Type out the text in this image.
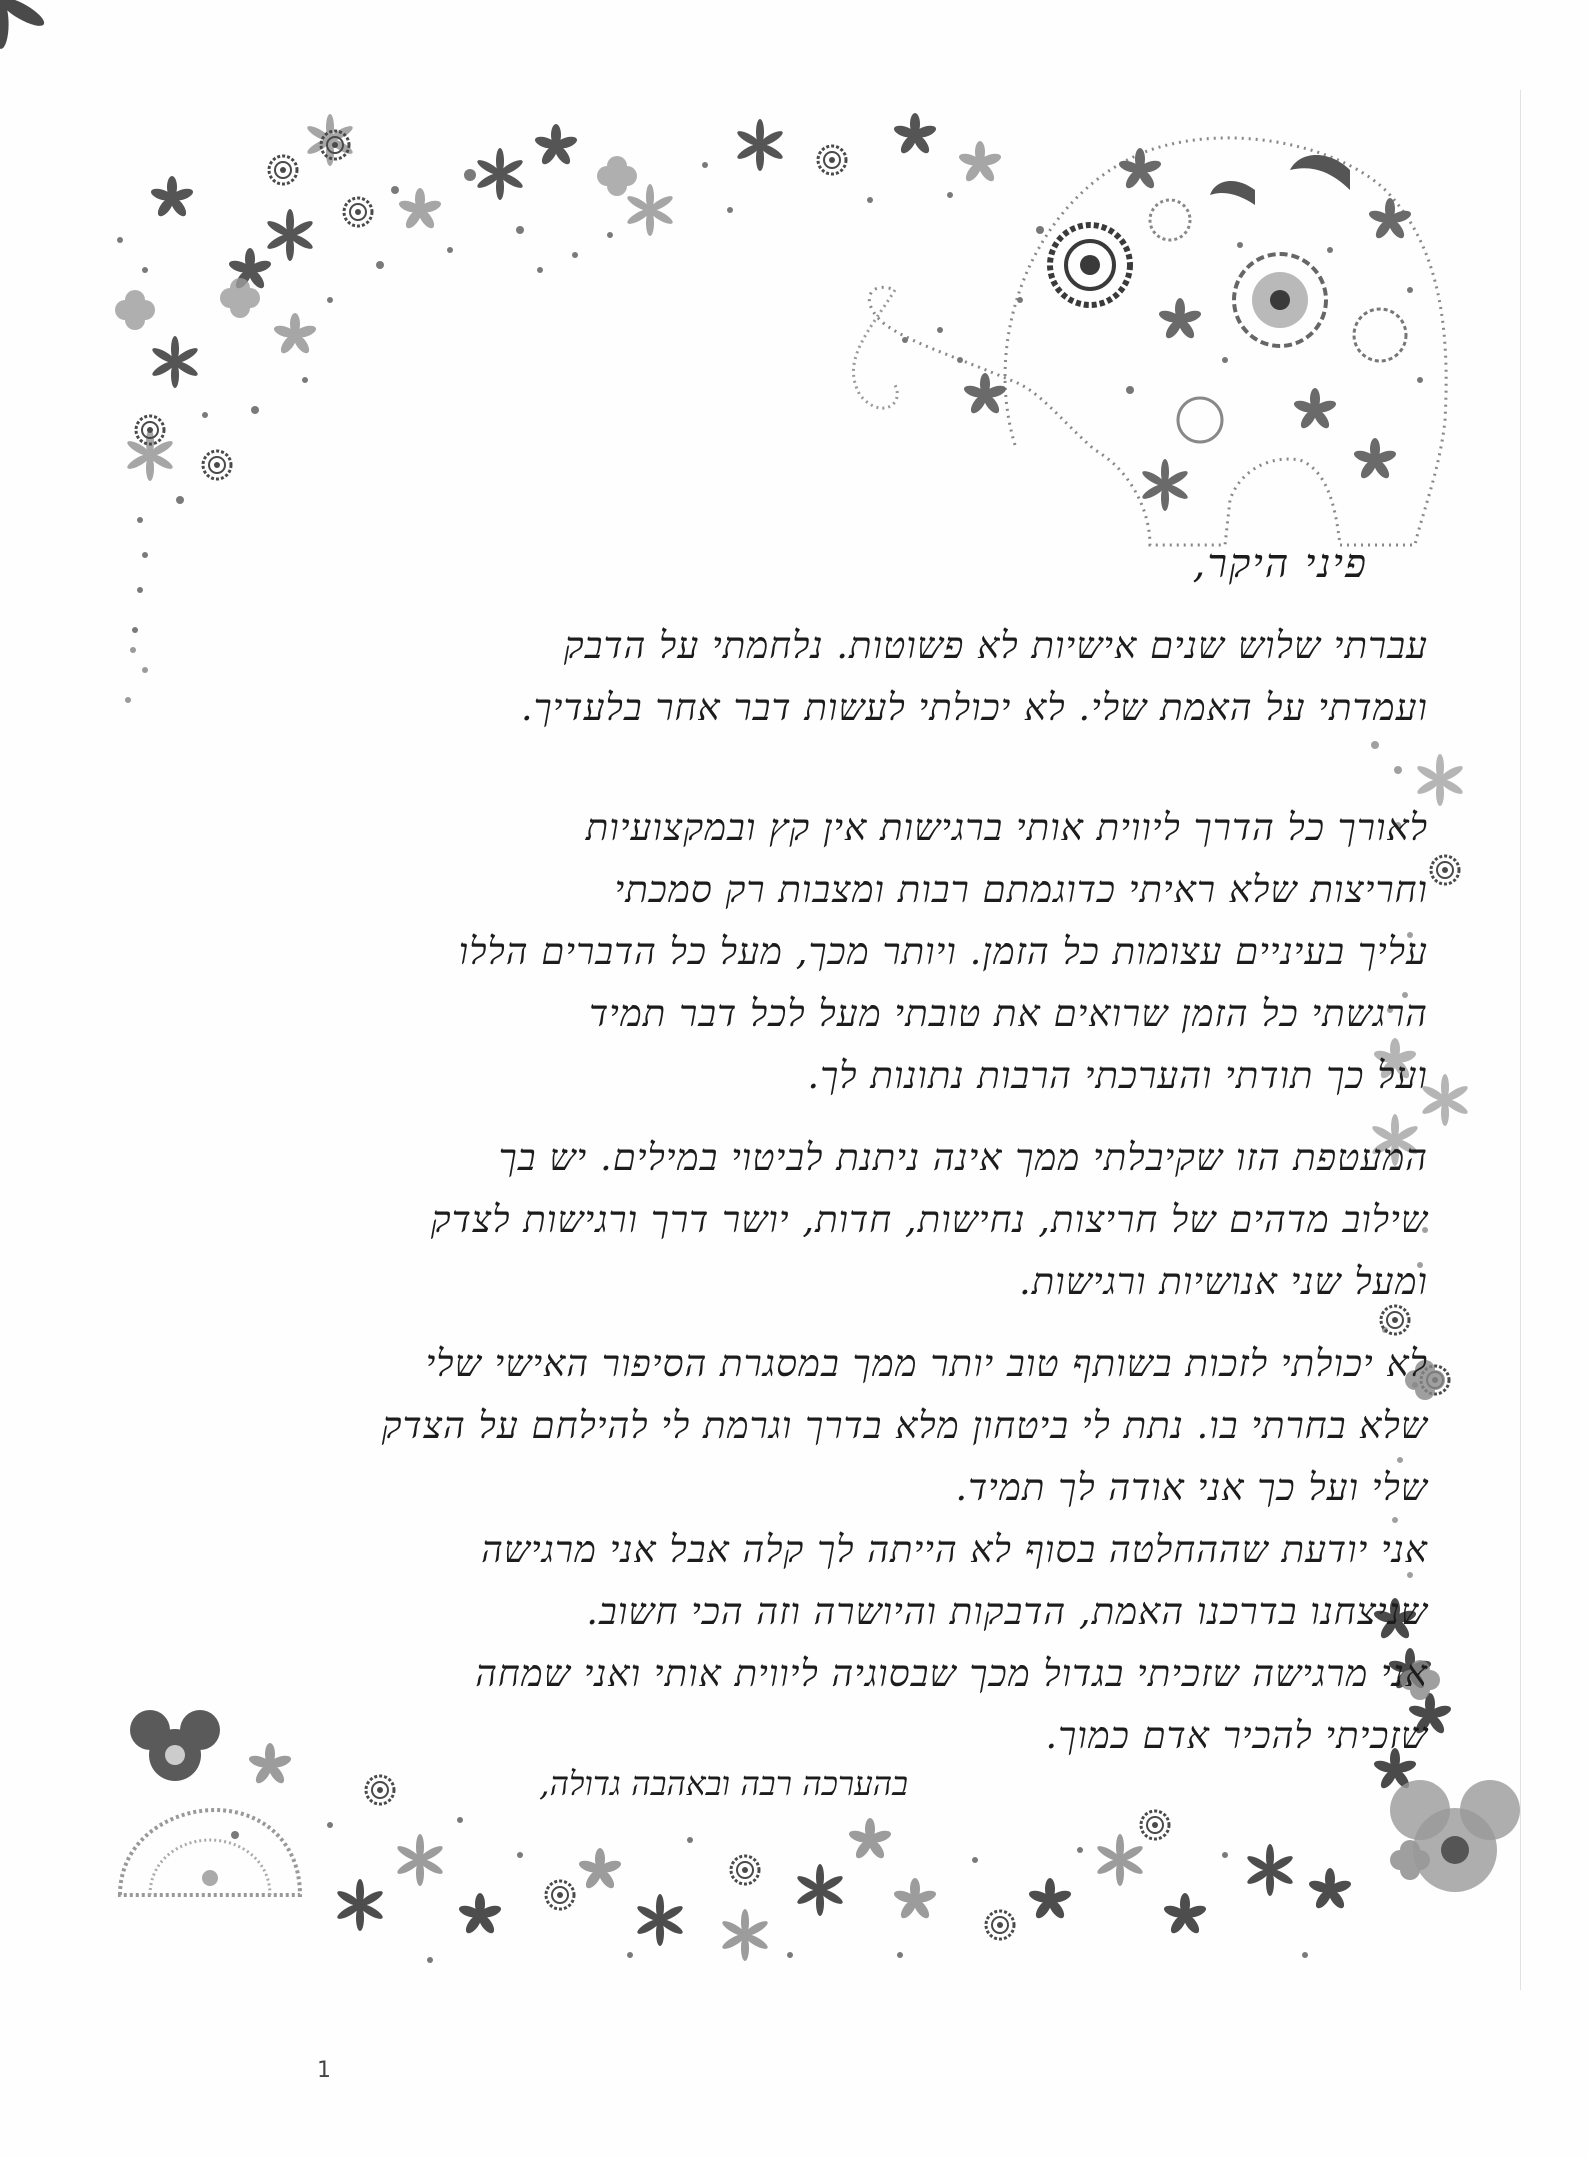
פיני היקר,
עברתי שלוש שנים אישיות לא פשוטות. נלחמתי על הדבק
ועמדתי על האמת שלי. לא יכולתי לעשות דבר אחר בלעדיך.
לאורך כל הדרך ליווית אותי ברגישות אין קץ ובמקצועיות
וחריצות שלא ראיתי כדוגמתם רבות ומצבות רק סמכתי
עליך בעיניים עצומות כל הזמן. ויותר מכך, מעל כל הדברים הללו
הרגשתי כל הזמן שרואים את טובתי מעל לכל דבר תמיד
ועל כך תודתי והערכתי הרבות נתונות לך.
המעטפת הזו שקיבלתי ממך אינה ניתנת לביטוי במילים. יש בך
שילוב מדהים של חריצות, נחישות, חדות, יושר דרך ורגישות לצדק
ומעל שני אנושיות ורגישות.
לא יכולתי לזכות בשותף טוב יותר ממך במסגרת הסיפור האישי שלי
שלא בחרתי בו. נתת לי ביטחון מלא בדרך וגרמת לי להילחם על הצדק
שלי ועל כך אני אודה לך תמיד.
אני יודעת שההחלטה בסוף לא הייתה לך קלה אבל אני מרגישה
שניצחנו בדרכנו האמת, הדבקות והיושרה וזה הכי חשוב.
אני מרגישה שזכיתי בגדול מכך שבסוגיה ליווית אותי ואני שמחה
שזכיתי להכיר אדם כמוך.
בהערכה רבה ובאהבה גדולה,
1
